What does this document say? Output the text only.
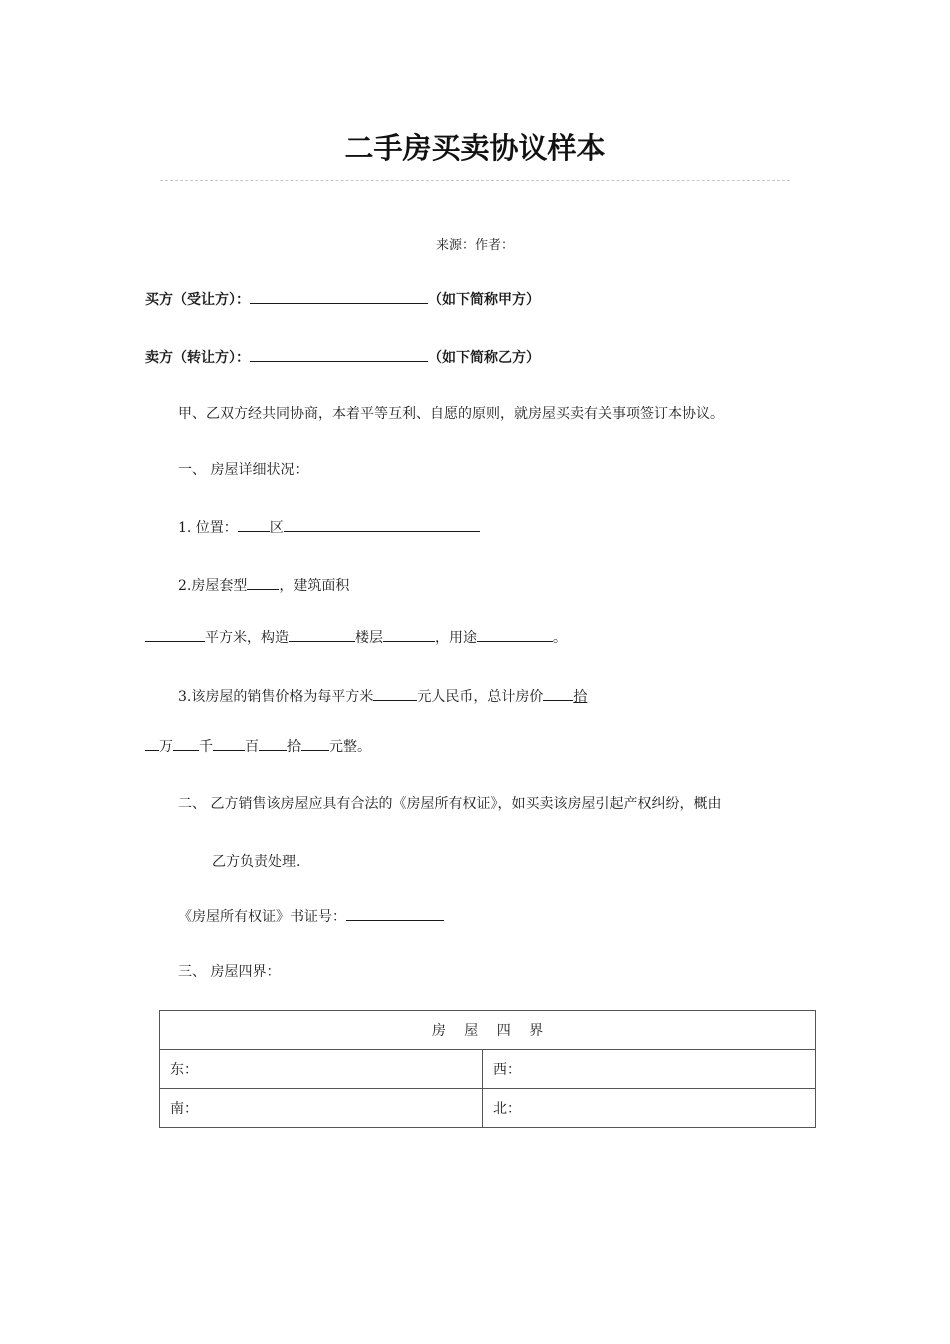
二手房买卖协议样本
来源：作者：
买方（受让方）：	（如下简称甲方）
卖方（转让方）：	（如下简称乙方）
甲、乙双方经共同协商，本着平等互利、自愿的原则，就房屋买卖有关事项签订本协议。
一、 房屋详细状况：
1. 位置： 区
2.房屋套型 ，建筑面积
平方米，构造	楼层	，用途	。
3.该房屋的销售价格为每平方米	元人民币，总计房价 拾
万 千 百 拾 元整。
二、 乙方销售该房屋应具有合法的《房屋所有权证》，如买卖该房屋引起产权纠纷，概由
乙方负责处理.
《房屋所有权证》书证号：
三、 房屋四界：
房　 屋　 四　 界	
东：	西：
南：	北：
